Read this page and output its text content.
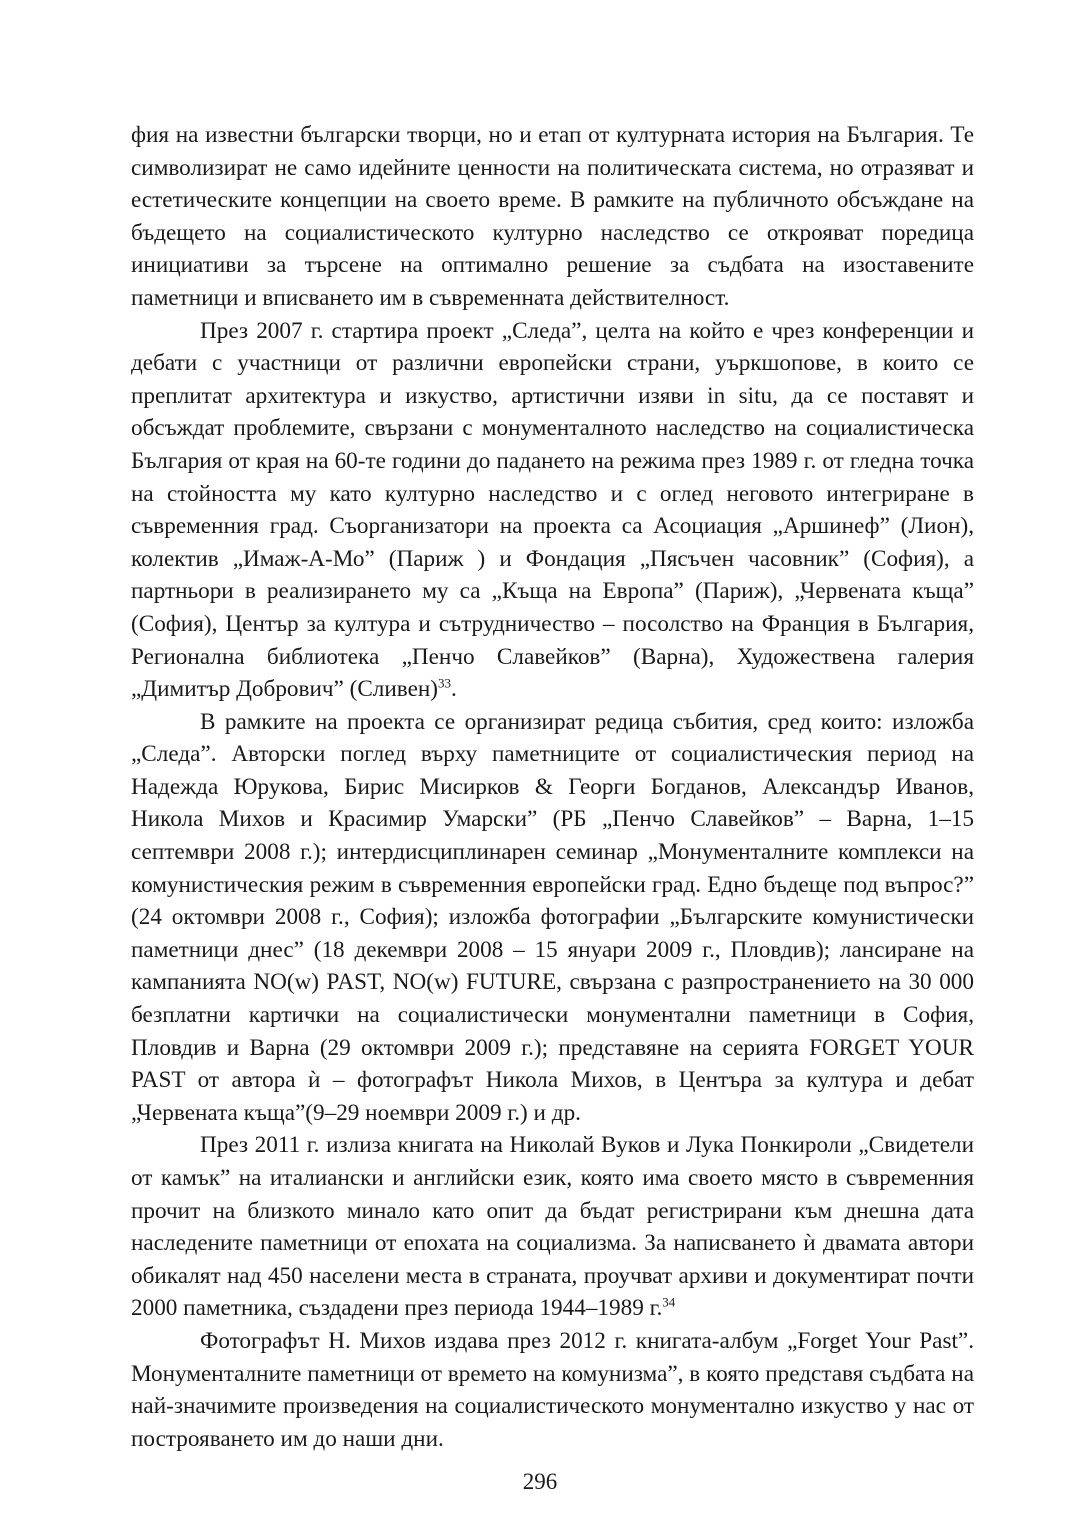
фия на известни български творци, но и етап от културната история на България. Те символизират не само идейните ценности на политическата система, но отразяват и естетическите концепции на своето време. В рамките на публичното обсъждане на бъдещето на социалистическото културно наследство се открояват поредица инициативи за търсене на оптимално решение за съдбата на изоставените паметници и вписването им в съвременната действителност.

През 2007 г. стартира проект „Следа”, целта на който е чрез конференции и дебати с участници от различни европейски страни, уъркшопове, в които се преплитат архитектура и изкуство, артистични изяви in situ, да се поставят и обсъждат проблемите, свързани с монументалното наследство на социалистическа България от края на 60-те години до падането на режима през 1989 г. от гледна точка на стойността му като културно наследство и с оглед неговото интегриране в съвременния град. Съорганизатори на проекта са Асоциация „Аршинеф” (Лион), колектив „Имаж-А-Мо” (Париж ) и Фондация „Пясъчен часовник” (София), а партньори в реализирането му са „Къща на Европа” (Париж), „Червената къща” (София), Център за култура и сътрудничество – посолство на Франция в България, Регионална библиотека „Пенчо Славейков” (Варна), Художествена галерия „Димитър Добрович” (Сливен)$^{33}$.

В рамките на проекта се организират редица събития, сред които: изложба „Следа”. Авторски поглед върху паметниците от социалистическия период на Надежда Юрукова, Бирис Мисирков & Георги Богданов, Александър Иванов, Никола Михов и Красимир Умарски” (РБ „Пенчо Славейков” – Варна, 1–15 септември 2008 г.); интердисциплинарен семинар „Монументалните комплекси на комунистическия режим в съвременния европейски град. Едно бъдеще под въпрос?” (24 октомври 2008 г., София); изложба фотографии „Българските комунистически паметници днес” (18 декември 2008 – 15 януари 2009 г., Пловдив); лансиране на кампанията NO(w) PAST, NO(w) FUTURE, свързана с разпространението на 30 000 безплатни картички на социалистически монументални паметници в София, Пловдив и Варна (29 октомври 2009 г.); представяне на серията FORGET YOUR PAST от автора ѝ – фотографът Никола Михов, в Центъра за култура и дебат „Червената къща”(9–29 ноември 2009 г.) и др.

През 2011 г. излиза книгата на Николай Вуков и Лука Понкироли „Свидетели от камък” на италиански и английски език, която има своето място в съвременния прочит на близкото минало като опит да бъдат регистрирани към днешна дата наследените паметници от епохата на социализма. За написването ѝ двамата автори обикалят над 450 населени места в страната, проучват архиви и документират почти 2000 паметника, създадени през периода 1944–1989 г.$^{34}$

Фотографът Н. Михов издава през 2012 г. книгата-албум „Forget Your Past”. Монументалните паметници от времето на комунизма”, в която представя съдбата на най-значимите произведения на социалистическото монументално изкуство у нас от построяването им до наши дни.

296
